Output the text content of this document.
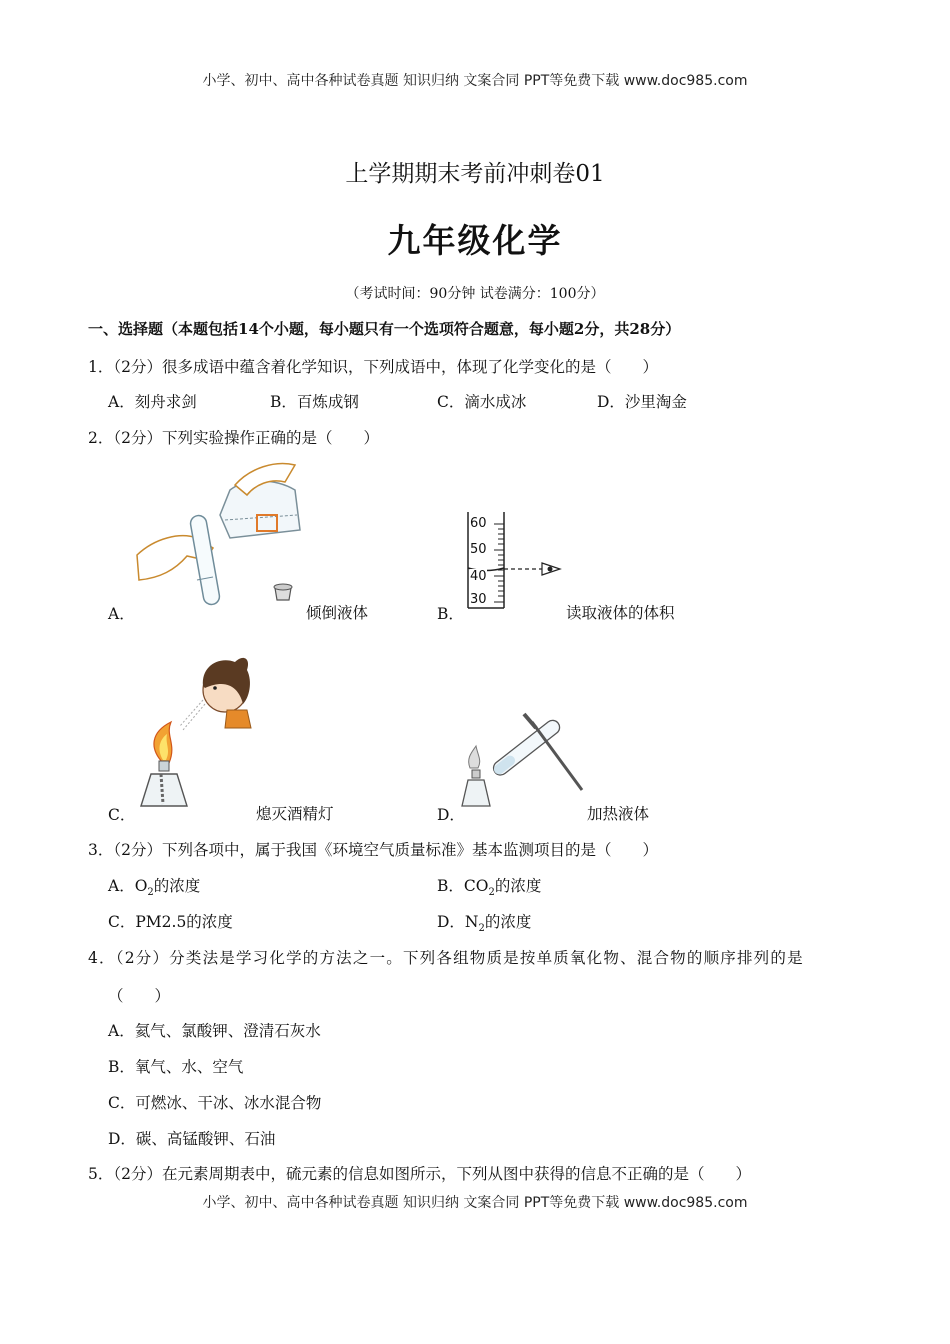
小学、初中、高中各种试卷真题 知识归纳 文案合同 PPT等免费下载 www.doc985.com
上学期期末考前冲刺卷01
九年级化学
（考试时间：90分钟 试卷满分：100分）
一、选择题（本题包括14个小题，每小题只有一个选项符合题意，每小题2分，共28分）
1．（2分）很多成语中蕴含着化学知识，下列成语中，体现了化学变化的是（　　）
A．刻舟求剑	B．百炼成钢	C．滴水成冰	D．沙里淘金
2．（2分）下列实验操作正确的是（　　）
A．	倾倒液体
60
50
40
30
B．	读取液体的体积
C．	熄灭酒精灯	D．	加热液体
3．（2分）下列各项中，属于我国《环境空气质量标准》基本监测项目的是（　　）
A．$O_2$的浓度	B．$CO_2$的浓度
C．PM2.5的浓度	D．$N_2$的浓度
4．（2分）分类法是学习化学的方法之一。下列各组物质是按单质氧化物、混合物的顺序排列的是
（　　）
A．氦气、氯酸钾、澄清石灰水
B．氧气、水、空气
C．可燃冰、干冰、冰水混合物
D．碳、高锰酸钾、石油
5．（2分）在元素周期表中，硫元素的信息如图所示，下列从图中获得的信息不正确的是（　　）
小学、初中、高中各种试卷真题 知识归纳 文案合同 PPT等免费下载 www.doc985.com
